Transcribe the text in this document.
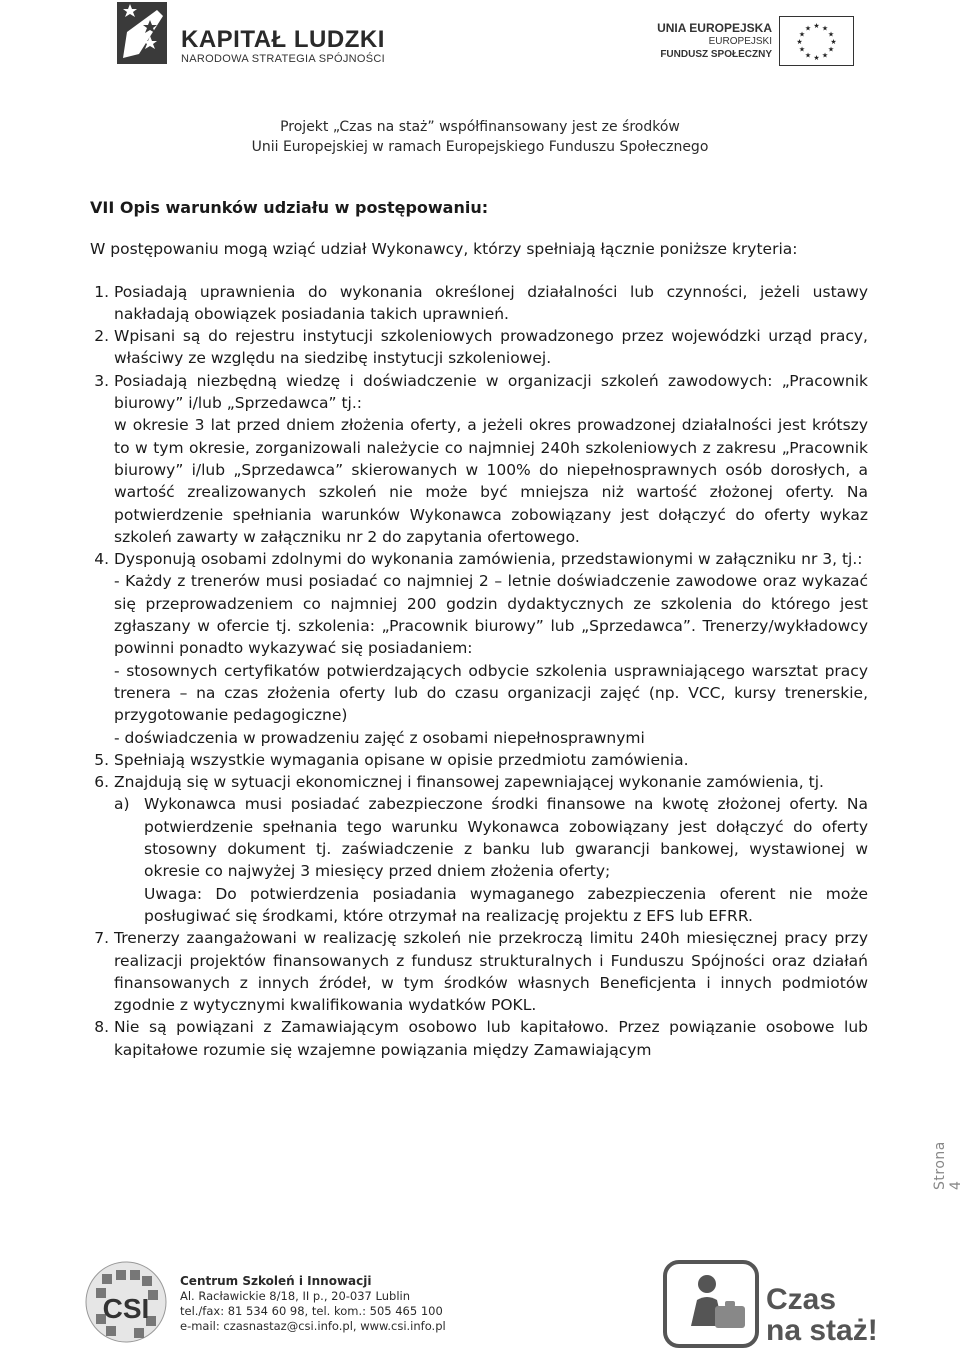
KAPITAŁ LUDZKI
NARODOWA STRATEGIA SPÓJNOŚCI
UNIA EUROPEJSKA
EUROPEJSKI
FUNDUSZ SPOŁECZNY
★ ★
★
★
★
★
★
★
★
★
★
★
Projekt „Czas na staż” współfinansowany jest ze środków
Unii Europejskiej w ramach Europejskiego Funduszu Społecznego

VII Opis warunków udziału w postępowaniu:

W postępowaniu mogą wziąć udział Wykonawcy, którzy spełniają łącznie poniższe kryteria:

1. Posiadają uprawnienia do wykonania określonej działalności lub czynności, jeżeli ustawy nakładają obowiązek posiadania takich uprawnień.
2. Wpisani są do rejestru instytucji szkoleniowych prowadzonego przez wojewódzki urząd pracy, właściwy ze względu na siedzibę instytucji szkoleniowej.
3. Posiadają niezbędną wiedzę i doświadczenie w organizacji szkoleń zawodowych: „Pracownik biurowy” i/lub „Sprzedawca” tj.:
w okresie 3 lat przed dniem złożenia oferty, a jeżeli okres prowadzonej działalności jest krótszy to w tym okresie, zorganizowali należycie co najmniej 240h szkoleniowych z zakresu „Pracownik biurowy” i/lub „Sprzedawca” skierowanych w 100% do niepełnosprawnych osób dorosłych, a wartość zrealizowanych szkoleń nie może być mniejsza niż wartość złożonej oferty. Na potwierdzenie spełniania warunków Wykonawca zobowiązany jest dołączyć do oferty wykaz szkoleń zawarty w załączniku nr 2 do zapytania ofertowego.
4. Dysponują osobami zdolnymi do wykonania zamówienia, przedstawionymi w załączniku nr 3, tj.:
- Każdy z trenerów musi posiadać co najmniej 2 – letnie doświadczenie zawodowe oraz wykazać się przeprowadzeniem co najmniej 200 godzin dydaktycznych ze szkolenia do którego jest zgłaszany w ofercie tj. szkolenia: „Pracownik biurowy” lub „Sprzedawca”. Trenerzy/wykładowcy powinni ponadto wykazywać się posiadaniem:
- stosownych certyfikatów potwierdzających odbycie szkolenia usprawniającego warsztat pracy trenera – na czas złożenia oferty lub do czasu organizacji zajęć (np. VCC, kursy trenerskie, przygotowanie pedagogiczne)
- doświadczenia w prowadzeniu zajęć z osobami niepełnosprawnymi
5. Spełniają wszystkie wymagania opisane w opisie przedmiotu zamówienia.
6. Znajdują się w sytuacji ekonomicznej i finansowej zapewniającej wykonanie zamówienia, tj.
a) Wykonawca musi posiadać zabezpieczone środki finansowe na kwotę złożonej oferty. Na potwierdzenie spełnania tego warunku Wykonawca zobowiązany jest dołączyć do oferty stosowny dokument tj. zaświadczenie z banku lub gwarancji bankowej, wystawionej w okresie co najwyżej 3 miesięcy przed dniem złożenia oferty;
Uwaga: Do potwierdzenia posiadania wymaganego zabezpieczenia oferent nie może posługiwać się środkami, które otrzymał na realizację projektu z EFS lub EFRR.
7. Trenerzy zaangażowani w realizację szkoleń nie przekroczą limitu 240h miesięcznej pracy przy realizacji projektów finansowanych z fundusz strukturalnych i Funduszu Spójności oraz działań finansowanych z innych źródeł, w tym środków własnych Beneficjenta i innych podmiotów zgodnie z wytycznymi kwalifikowania wydatków POKL.
8. Nie są powiązani z Zamawiającym osobowo lub kapitałowo. Przez powiązanie osobowe lub kapitałowe rozumie się wzajemne powiązania między Zamawiającym
Strona 4
CSI
Centrum Szkoleń i Innowacji
Al. Racławickie 8/18, II p., 20-037 Lublin
tel./fax: 81 534 60 98, tel. kom.: 505 465 100
e-mail: czasnastaz@csi.info.pl, www.csi.info.pl
Czas
na staż!
